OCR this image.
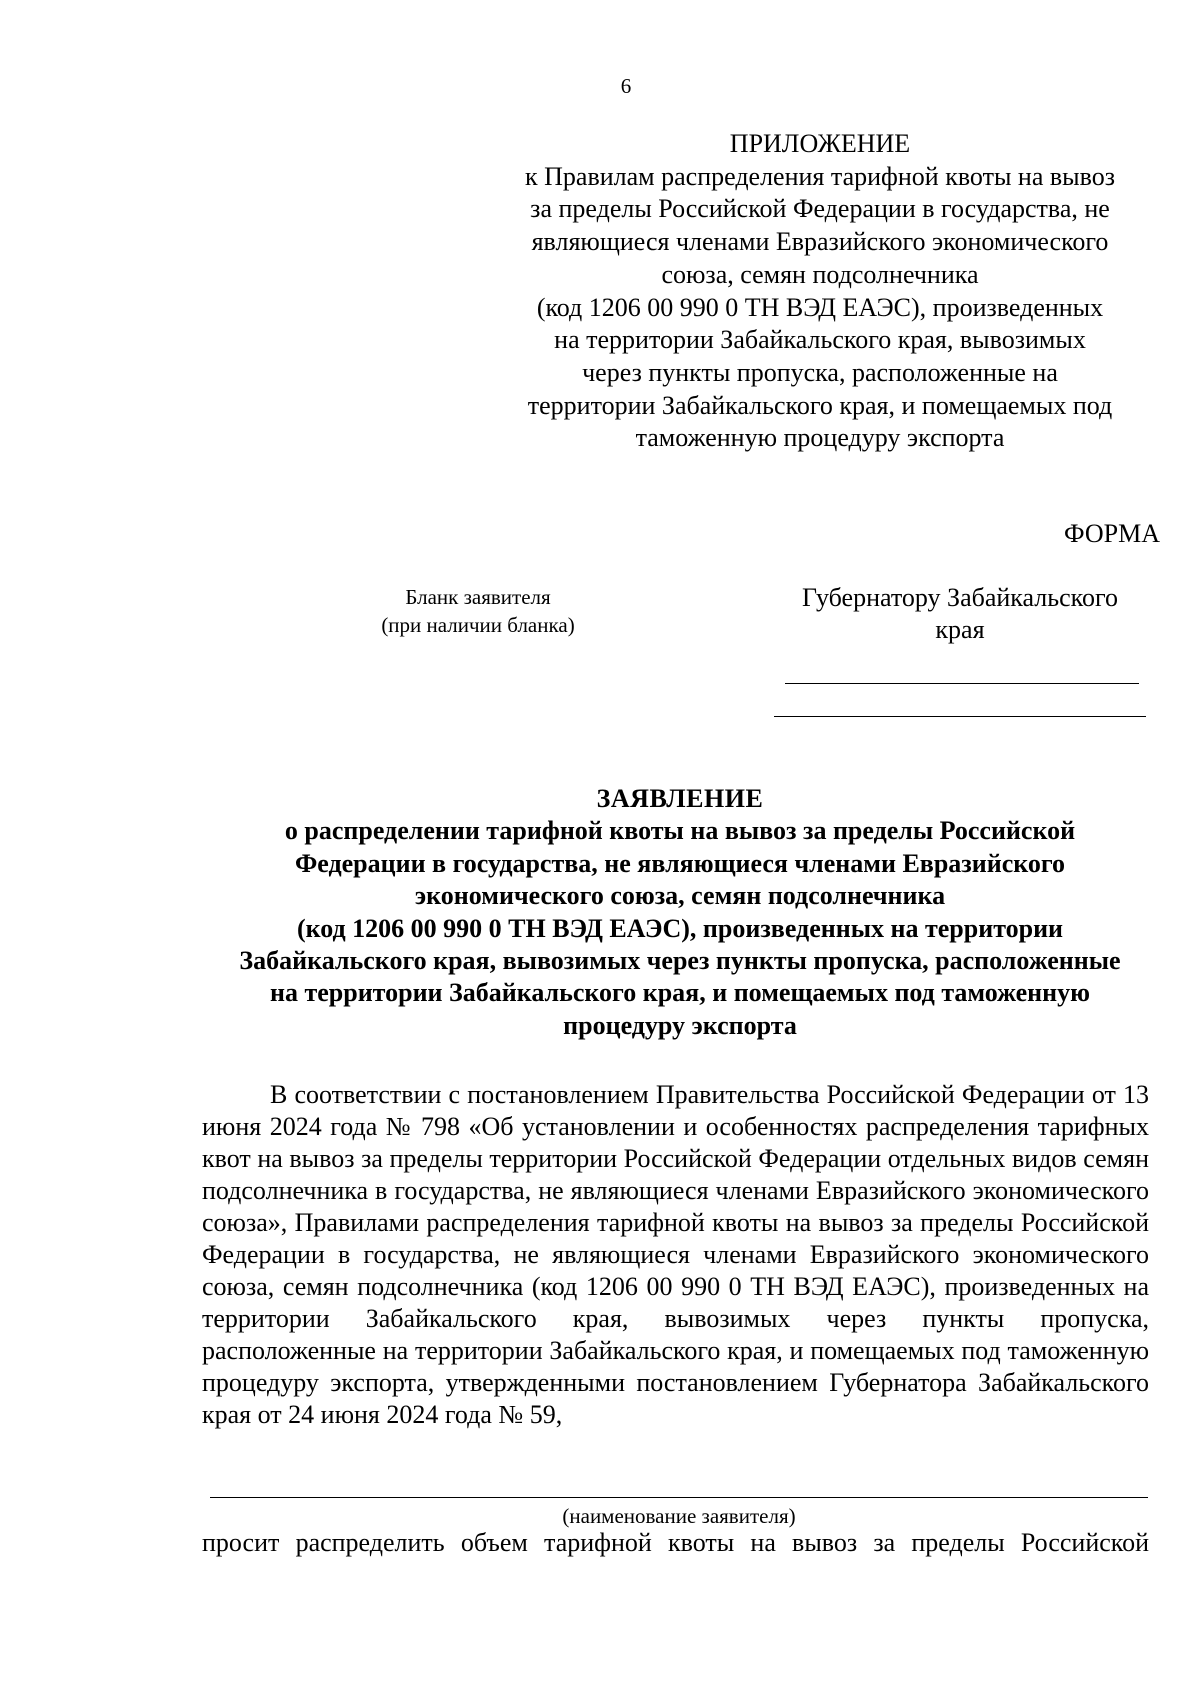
6
ПРИЛОЖЕНИЕ
к Правилам распределения тарифной квоты на вывоз
за пределы Российской Федерации в государства, не
являющиеся членами Евразийского экономического
союза, семян подсолнечника
(код 1206 00 990 0 ТН ВЭД ЕАЭС), произведенных
на территории Забайкальского края, вывозимых
через пункты пропуска, расположенные на
территории Забайкальского края, и помещаемых под
таможенную процедуру экспорта
ФОРМА
Бланк заявителя
(при наличии бланка)
Губернатору Забайкальского
края
ЗАЯВЛЕНИЕ
о распределении тарифной квоты на вывоз за пределы Российской
Федерации в государства, не являющиеся членами Евразийского
экономического союза, семян подсолнечника
(код 1206 00 990 0 ТН ВЭД ЕАЭС), произведенных на территории
Забайкальского края, вывозимых через пункты пропуска, расположенные
на территории Забайкальского края, и помещаемых под таможенную
процедуру экспорта

В соответствии с постановлением Правительства Российской Федерации от 13 июня 2024 года № 798 «Об установлении и особенностях распределения тарифных квот на вывоз за пределы территории Российской Федерации отдельных видов семян подсолнечника в государства, не являющиеся членами Евразийского экономического союза», Правилами распределения тарифной квоты на вывоз за пределы Российской Федерации в государства, не являющиеся членами Евразийского экономического союза, семян подсолнечника (код 1206 00 990 0 ТН ВЭД ЕАЭС), произведенных на территории Забайкальского края, вывозимых через пункты пропуска, расположенные на территории Забайкальского края, и помещаемых под таможенную процедуру экспорта, утвержденными постановлением Губернатора Забайкальского края от 24 июня 2024 года № 59,

(наименование заявителя)

просит распределить объем тарифной квоты на вывоз за пределы Российской
